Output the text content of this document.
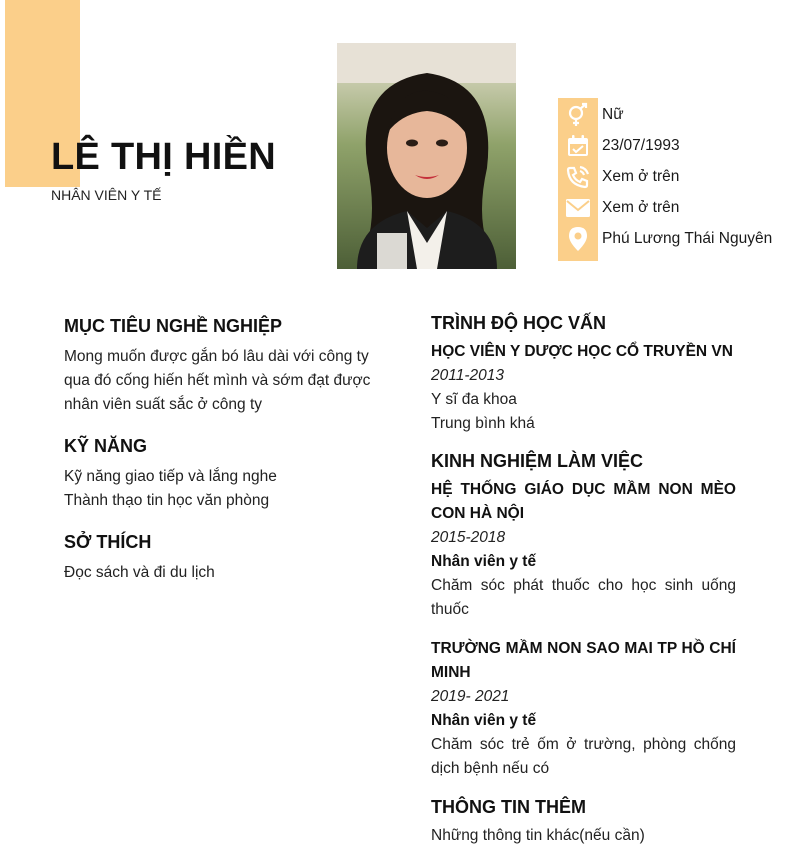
LÊ THỊ HIỀN
NHÂN VIÊN Y TẾ
Nữ
23/07/1993
Xem ở trên
Xem ở trên
Phú Lương Thái Nguyên
MỤC TIÊU NGHỀ NGHIỆP
Mong muốn được gắn bó lâu dài với công ty qua đó cống hiến hết mình và sớm đạt được nhân viên suất sắc ở công ty
KỸ NĂNG
Kỹ năng giao tiếp và lắng nghe
Thành thạo tin học văn phòng
SỞ THÍCH
Đọc sách và đi du lịch
TRÌNH ĐỘ HỌC VẤN
HỌC VIÊN Y DƯỢC HỌC CỔ TRUYỀN VN
2011-2013
Y sĩ đa khoa
Trung bình khá
KINH NGHIỆM LÀM VIỆC
HỆ THỐNG GIÁO DỤC MẦM NON MÈO CON HÀ NỘI
2015-2018
Nhân viên y tế
Chăm sóc phát thuốc cho học sinh uống thuốc
TRƯỜNG MẦM NON SAO MAI TP HỒ CHÍ MINH
2019- 2021
Nhân viên y tế
Chăm sóc trẻ ốm ở trường, phòng chống dịch bệnh nếu có
THÔNG TIN THÊM
Những thông tin khác(nếu cần)
